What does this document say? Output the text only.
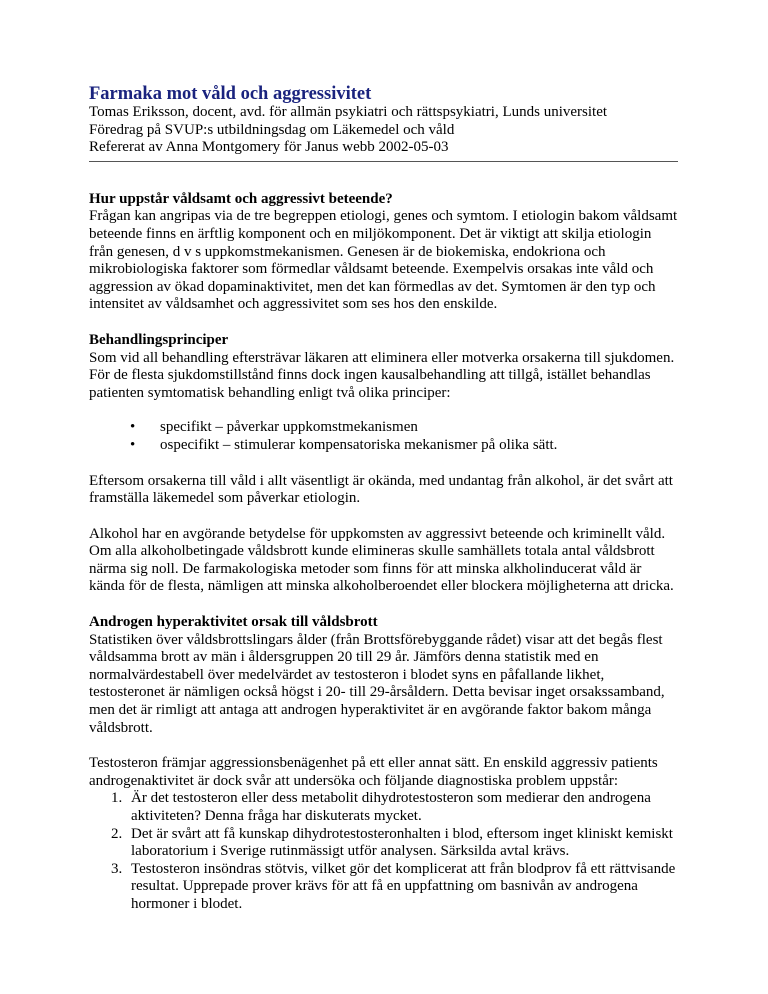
Farmaka mot våld och aggressivitet
Tomas Eriksson, docent, avd. för allmän psykiatri och rättspsykiatri, Lunds universitet
Föredrag på SVUP:s utbildningsdag om Läkemedel och våld
Refererat av Anna Montgomery för Janus webb 2002-05-03
Hur uppstår våldsamt och aggressivt beteende?

Frågan kan angripas via de tre begreppen etiologi, genes och symtom. I etiologin bakom våldsamt beteende finns en ärftlig komponent och en miljökomponent. Det är viktigt att skilja etiologin från genesen, d v s uppkomstmekanismen. Genesen är de biokemiska, endokriona och mikrobiologiska faktorer som förmedlar våldsamt beteende. Exempelvis orsakas inte våld och aggression av ökad dopaminaktivitet, men det kan förmedlas av det. Symtomen är den typ och intensitet av våldsamhet och aggressivitet som ses hos den enskilde.

Behandlingsprinciper

Som vid all behandling eftersträvar läkaren att eliminera eller motverka orsakerna till sjukdomen. För de flesta sjukdomstillstånd finns dock ingen kausalbehandling att tillgå, istället behandlas patienten symtomatisk behandling enligt två olika principer:

• specifikt – påverkar uppkomstmekanismen
• ospecifikt – stimulerar kompensatoriska mekanismer på olika sätt.

Eftersom orsakerna till våld i allt väsentligt är okända, med undantag från alkohol, är det svårt att framställa läkemedel som påverkar etiologin.

Alkohol har en avgörande betydelse för uppkomsten av aggressivt beteende och kriminellt våld. Om alla alkoholbetingade våldsbrott kunde elimineras skulle samhällets totala antal våldsbrott närma sig noll. De farmakologiska metoder som finns för att minska alkholinducerat våld är kända för de flesta, nämligen att minska alkoholberoendet eller blockera möjligheterna att dricka.

Androgen hyperaktivitet orsak till våldsbrott

Statistiken över våldsbrottslingars ålder (från Brottsförebyggande rådet) visar att det begås flest våldsamma brott av män i åldersgruppen 20 till 29 år. Jämförs denna statistik med en normalvärdestabell över medelvärdet av testosteron i blodet syns en påfallande likhet, testosteronet är nämligen också högst i 20- till 29-årsåldern. Detta bevisar inget orsakssamband, men det är rimligt att antaga att androgen hyperaktivitet är en avgörande faktor bakom många våldsbrott.

Testosteron främjar aggressionsbenägenhet på ett eller annat sätt. En enskild aggressiv patients androgenaktivitet är dock svår att undersöka och följande diagnostiska problem uppstår:

1. Är det testosteron eller dess metabolit dihydrotestosteron som medierar den androgena aktiviteten? Denna fråga har diskuterats mycket.
2. Det är svårt att få kunskap dihydrotestosteronhalten i blod, eftersom inget kliniskt kemiskt laboratorium i Sverige rutinmässigt utför analysen. Särksilda avtal krävs.
3. Testosteron insöndras stötvis, vilket gör det komplicerat att från blodprov få ett rättvisande resultat. Upprepade prover krävs för att få en uppfattning om basnivån av androgena hormoner i blodet.
